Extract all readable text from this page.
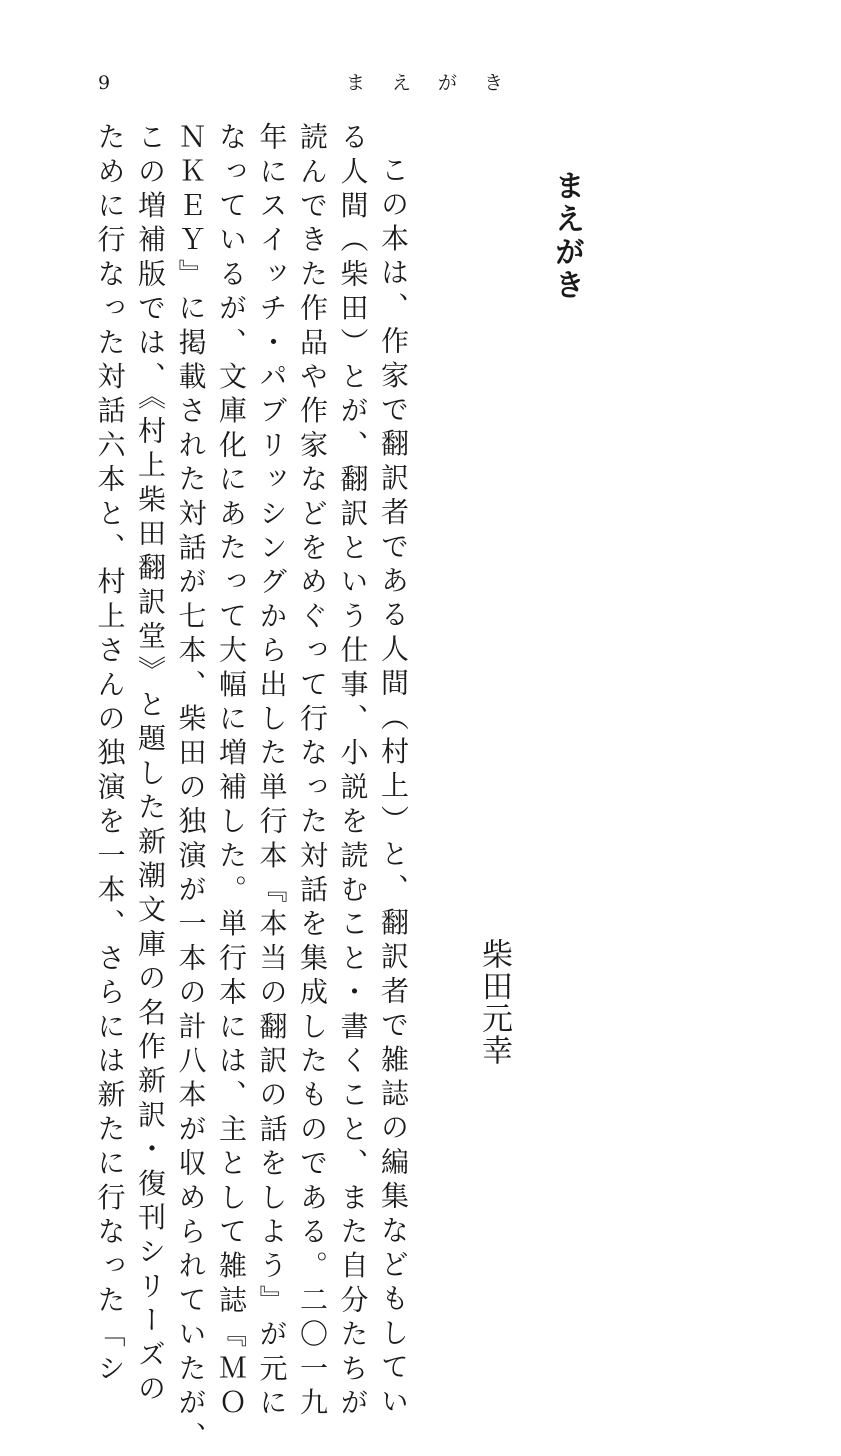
9	まえがき
まえがき
この本は、作家で翻訳者である人間（村上）と、翻訳者で雑誌の編集などもしてい
る人間（柴田）とが、翻訳という仕事、小説を読むこと・書くこと、また自分たちが
読んできた作品や作家などをめぐって行なった対話を集成したものである。二〇一九
年にスイッチ・パブリッシングから出した単行本『本当の翻訳の話をしよう』が元に
なっているが、文庫化にあたって大幅に増補した。単行本には、主として雑誌『ＭＯ
ＮＫＥＹ』に掲載された対話が七本、柴田の独演が一本の計八本が収められていたが、
この増補版では、《村上柴田翻訳堂》と題した新潮文庫の名作新訳・復刊シリーズの
ために行なった対話六本と、村上さんの独演を一本、さらには新たに行なった「シ	柴田元幸
